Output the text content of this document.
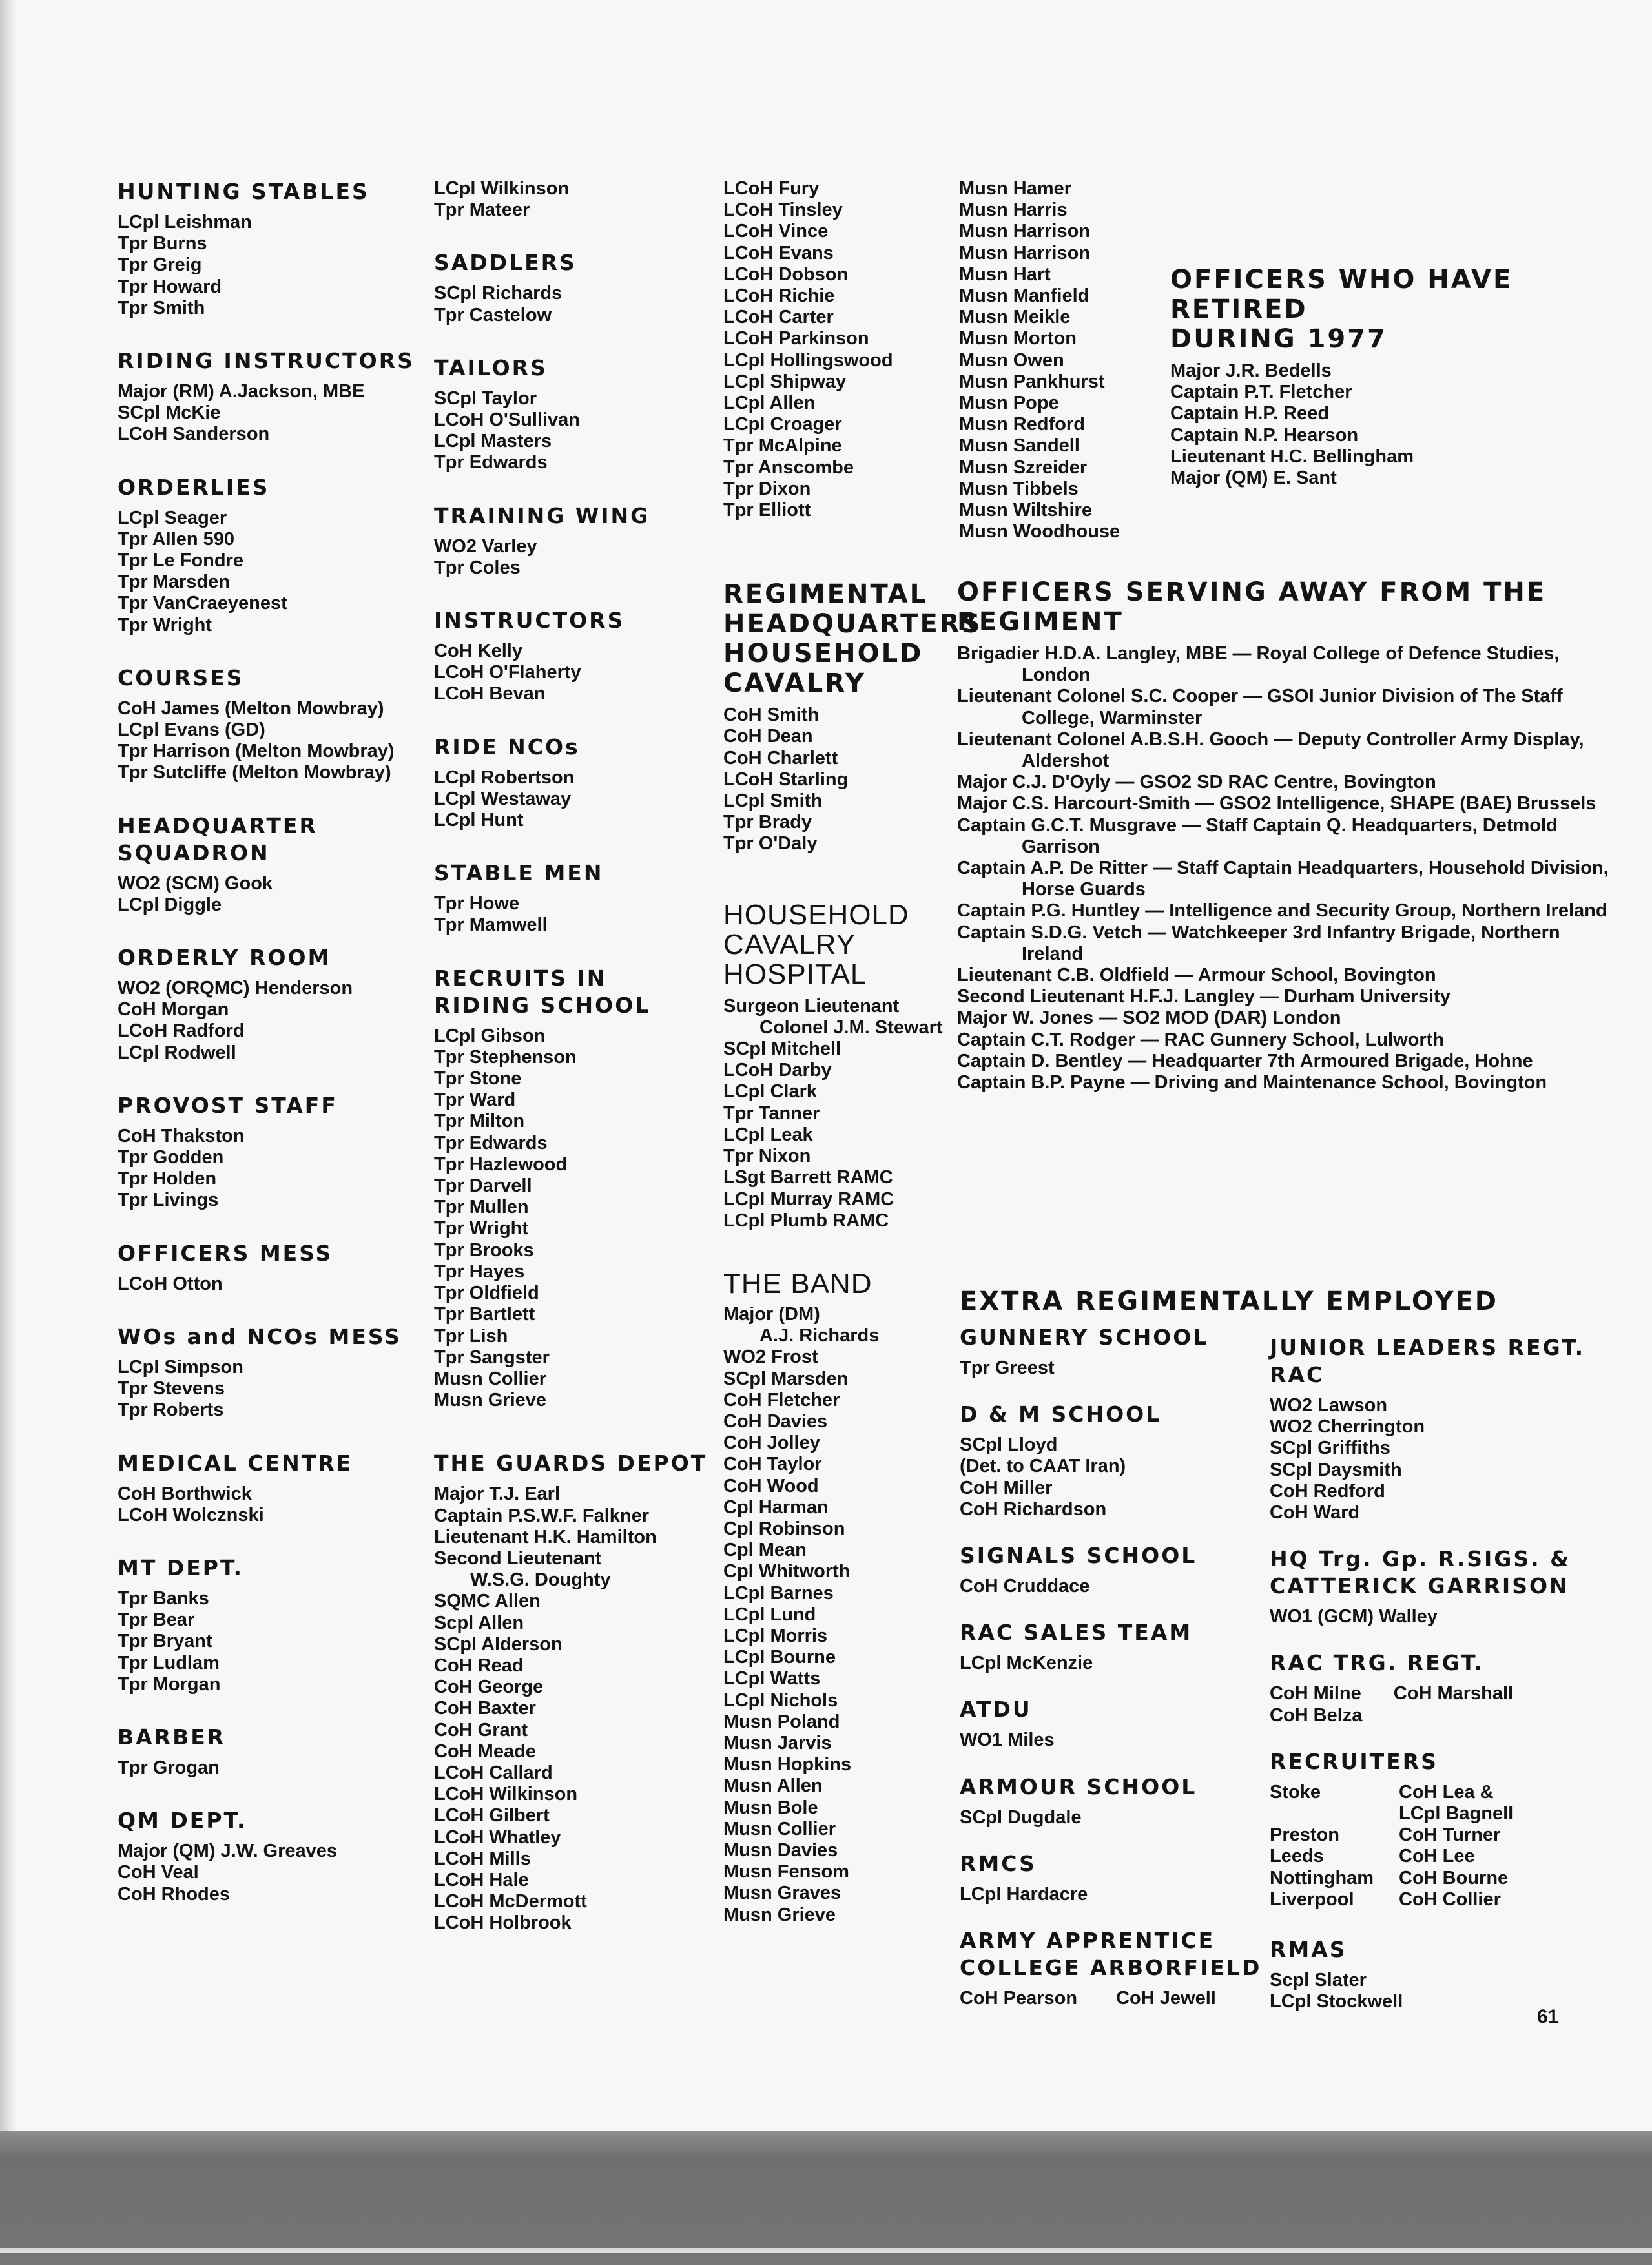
HUNTING STABLES
LCpl Leishman
Tpr Burns
Tpr Greig
Tpr Howard
Tpr Smith
RIDING INSTRUCTORS
Major (RM) A.Jackson, MBE
SCpl McKie
LCoH Sanderson
ORDERLIES
LCpl Seager
Tpr Allen 590
Tpr Le Fondre
Tpr Marsden
Tpr VanCraeyenest
Tpr Wright
COURSES
CoH James (Melton Mowbray)
LCpl Evans (GD)
Tpr Harrison (Melton Mowbray)
Tpr Sutcliffe (Melton Mowbray)
HEADQUARTER SQUADRON
WO2 (SCM) Gook
LCpl Diggle
ORDERLY ROOM
WO2 (ORQMC) Henderson
CoH Morgan
LCoH Radford
LCpl Rodwell
PROVOST STAFF
CoH Thakston
Tpr Godden
Tpr Holden
Tpr Livings
OFFICERS MESS
LCoH Otton
WOs and NCOs MESS
LCpl Simpson
Tpr Stevens
Tpr Roberts
MEDICAL CENTRE
CoH Borthwick
LCoH Wolcznski
MT DEPT.
Tpr Banks
Tpr Bear
Tpr Bryant
Tpr Ludlam
Tpr Morgan
BARBER
Tpr Grogan
QM DEPT.
Major (QM) J.W. Greaves
CoH Veal
CoH Rhodes
LCpl Wilkinson
Tpr Mateer
SADDLERS
SCpl Richards
Tpr Castelow
TAILORS
SCpl Taylor
LCoH O'Sullivan
LCpl Masters
Tpr Edwards
TRAINING WING
WO2 Varley
Tpr Coles
INSTRUCTORS
CoH Kelly
LCoH O'Flaherty
LCoH Bevan
RIDE NCOs
LCpl Robertson
LCpl Westaway
LCpl Hunt
STABLE MEN
Tpr Howe
Tpr Mamwell
RECRUITS IN
RIDING SCHOOL
LCpl Gibson
Tpr Stephenson
Tpr Stone
Tpr Ward
Tpr Milton
Tpr Edwards
Tpr Hazlewood
Tpr Darvell
Tpr Mullen
Tpr Wright
Tpr Brooks
Tpr Hayes
Tpr Oldfield
Tpr Bartlett
Tpr Lish
Tpr Sangster
Musn Collier
Musn Grieve
THE GUARDS DEPOT
Major T.J. Earl
Captain P.S.W.F. Falkner
Lieutenant H.K. Hamilton
Second Lieutenant
W.S.G. Doughty
SQMC Allen
Scpl Allen
SCpl Alderson
CoH Read
CoH George
CoH Baxter
CoH Grant
CoH Meade
LCoH Callard
LCoH Wilkinson
LCoH Gilbert
LCoH Whatley
LCoH Mills
LCoH Hale
LCoH McDermott
LCoH Holbrook
LCoH Fury
LCoH Tinsley
LCoH Vince
LCoH Evans
LCoH Dobson
LCoH Richie
LCoH Carter
LCoH Parkinson
LCpl Hollingswood
LCpl Shipway
LCpl Allen
LCpl Croager
Tpr McAlpine
Tpr Anscombe
Tpr Dixon
Tpr Elliott
REGIMENTAL
HEADQUARTERS
HOUSEHOLD
CAVALRY
CoH Smith
CoH Dean
CoH Charlett
LCoH Starling
LCpl Smith
Tpr Brady
Tpr O'Daly
HOUSEHOLD
CAVALRY
HOSPITAL
Surgeon Lieutenant
Colonel J.M. Stewart
SCpl Mitchell
LCoH Darby
LCpl Clark
Tpr Tanner
LCpl Leak
Tpr Nixon
LSgt Barrett RAMC
LCpl Murray RAMC
LCpl Plumb RAMC
THE BAND
Major (DM)
A.J. Richards
WO2 Frost
SCpl Marsden
CoH Fletcher
CoH Davies
CoH Jolley
CoH Taylor
CoH Wood
Cpl Harman
Cpl Robinson
Cpl Mean
Cpl Whitworth
LCpl Barnes
LCpl Lund
LCpl Morris
LCpl Bourne
LCpl Watts
LCpl Nichols
Musn Poland
Musn Jarvis
Musn Hopkins
Musn Allen
Musn Bole
Musn Collier
Musn Davies
Musn Fensom
Musn Graves
Musn Grieve
Musn Hamer
Musn Harris
Musn Harrison
Musn Harrison
Musn Hart
Musn Manfield
Musn Meikle
Musn Morton
Musn Owen
Musn Pankhurst
Musn Pope
Musn Redford
Musn Sandell
Musn Szreider
Musn Tibbels
Musn Wiltshire
Musn Woodhouse
OFFICERS WHO HAVE RETIRED
DURING 1977
Major J.R. Bedells
Captain P.T. Fletcher
Captain H.P. Reed
Captain N.P. Hearson
Lieutenant H.C. Bellingham
Major (QM) E. Sant
OFFICERS SERVING AWAY FROM THE REGIMENT
Brigadier H.D.A. Langley, MBE — Royal College of Defence Studies, London
Lieutenant Colonel S.C. Cooper — GSOI Junior Division of The Staff College, Warminster
Lieutenant Colonel A.B.S.H. Gooch — Deputy Controller Army Display, Aldershot
Major C.J. D'Oyly — GSO2 SD RAC Centre, Bovington
Major C.S. Harcourt-Smith — GSO2 Intelligence, SHAPE (BAE) Brussels
Captain G.C.T. Musgrave — Staff Captain Q. Headquarters, Detmold Garrison
Captain A.P. De Ritter — Staff Captain Headquarters, Household Division, Horse Guards
Captain P.G. Huntley — Intelligence and Security Group, Northern Ireland
Captain S.D.G. Vetch — Watchkeeper 3rd Infantry Brigade, Northern Ireland
Lieutenant C.B. Oldfield — Armour School, Bovington
Second Lieutenant H.F.J. Langley — Durham University
Major W. Jones — SO2 MOD (DAR) London
Captain C.T. Rodger — RAC Gunnery School, Lulworth
Captain D. Bentley — Headquarter 7th Armoured Brigade, Hohne
Captain B.P. Payne — Driving and Maintenance School, Bovington
EXTRA REGIMENTALLY EMPLOYED
GUNNERY SCHOOL
Tpr Greest
D & M SCHOOL
SCpl Lloyd
(Det. to CAAT Iran)
CoH Miller
CoH Richardson
SIGNALS SCHOOL
CoH Cruddace
RAC SALES TEAM
LCpl McKenzie
ATDU
WO1 Miles
ARMOUR SCHOOL
SCpl Dugdale
RMCS
LCpl Hardacre
ARMY APPRENTICE
COLLEGE ARBORFIELD
CoH Pearson CoH Jewell
JUNIOR LEADERS REGT. RAC
WO2 Lawson
WO2 Cherrington
SCpl Griffiths
SCpl Daysmith
CoH Redford
CoH Ward
HQ Trg. Gp. R.SIGS. &
CATTERICK GARRISON
WO1 (GCM) Walley
RAC TRG. REGT.
CoH Milne CoH Marshall
CoH Belza
RECRUITERS
Stoke	CoH Lea &
LCpl Bagnell
Preston	CoH Turner
Leeds	CoH Lee
Nottingham	CoH Bourne
Liverpool	CoH Collier
RMAS
Scpl Slater
LCpl Stockwell
61
